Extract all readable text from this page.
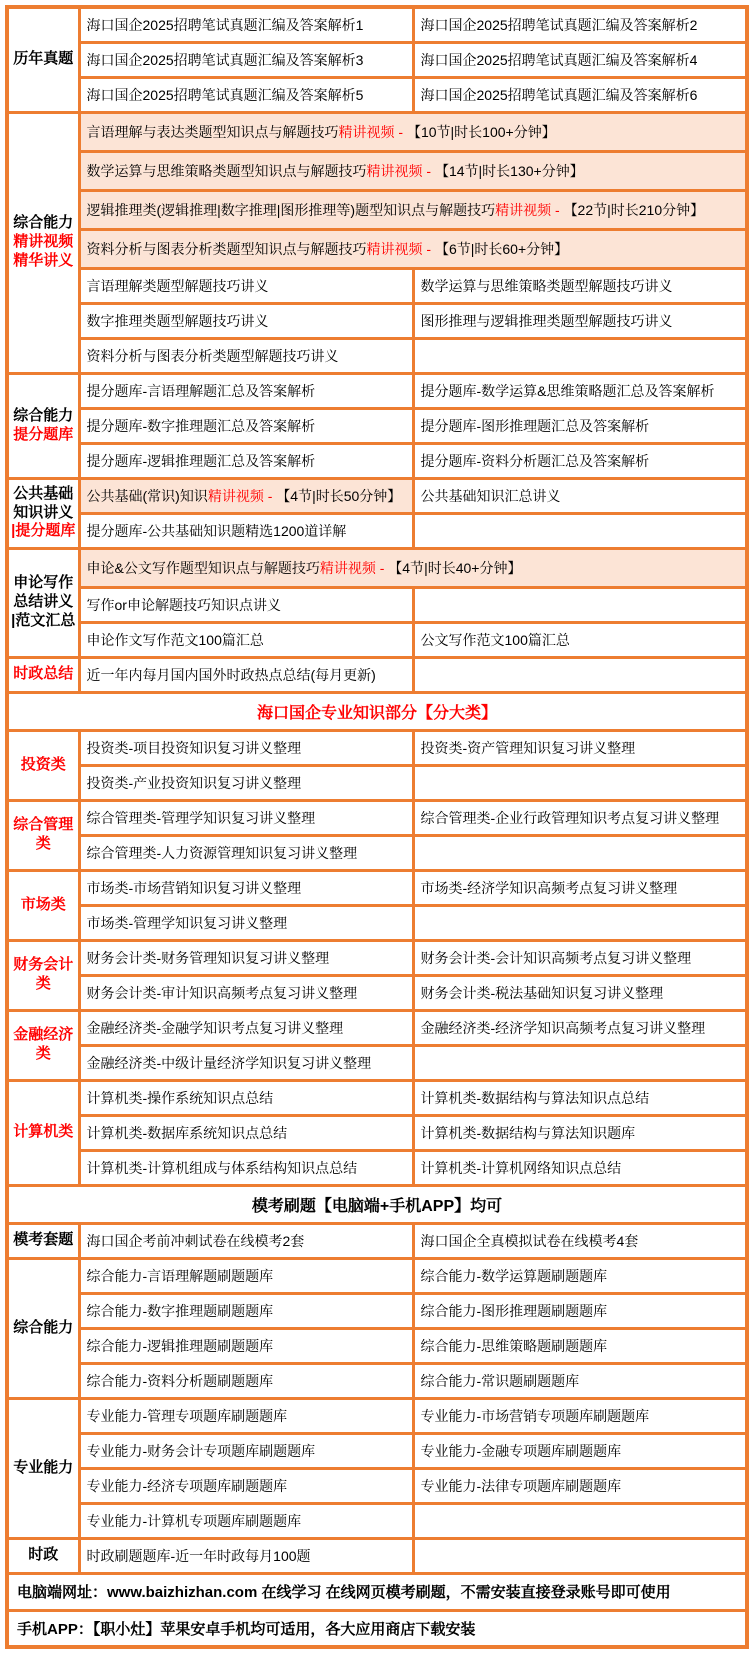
历年真题	海口国企2025招聘笔试真题汇编及答案解析1	海口国企2025招聘笔试真题汇编及答案解析2
	海口国企2025招聘笔试真题汇编及答案解析3	海口国企2025招聘笔试真题汇编及答案解析4
	海口国企2025招聘笔试真题汇编及答案解析5	海口国企2025招聘笔试真题汇编及答案解析6

综合能力
精讲视频
精华讲义	言语理解与表达类题型知识点与解题技巧精讲视频 - 【10节|时长100+分钟】	
	数学运算与思维策略类题型知识点与解题技巧精讲视频 - 【14节|时长130+分钟】	
	逻辑推理类(逻辑推理|数字推理|图形推理等)题型知识点与解题技巧精讲视频 - 【22节|时长210分钟】	
	资料分析与图表分析类题型知识点与解题技巧精讲视频 - 【6节|时长60+分钟】	
	言语理解类题型解题技巧讲义	数学运算与思维策略类题型解题技巧讲义
	数字推理类题型解题技巧讲义	图形推理与逻辑推理类题型解题技巧讲义
	资料分析与图表分析类题型解题技巧讲义	

综合能力
提分题库	提分题库-言语理解题汇总及答案解析	提分题库-数学运算&思维策略题汇总及答案解析
	提分题库-数字推理题汇总及答案解析	提分题库-图形推理题汇总及答案解析
	提分题库-逻辑推理题汇总及答案解析	提分题库-资料分析题汇总及答案解析

公共基础知识讲义
|提分题库	公共基础(常识)知识精讲视频 - 【4节|时长50分钟】	公共基础知识汇总讲义
	提分题库-公共基础知识题精选1200道详解	

申论写作总结讲义
|范文汇总	申论&公文写作题型知识点与解题技巧精讲视频 - 【4节|时长40+分钟】	
	写作or申论解题技巧知识点讲义	
	申论作文写作范文100篇汇总	公文写作范文100篇汇总

时政总结	近一年内每月国内国外时政热点总结(每月更新)	
海口国企专业知识部分【分大类】		

投资类	投资类-项目投资知识复习讲义整理	投资类-资产管理知识复习讲义整理
	投资类-产业投资知识复习讲义整理	

综合管理类	综合管理类-管理学知识复习讲义整理	综合管理类-企业行政管理知识考点复习讲义整理
	综合管理类-人力资源管理知识复习讲义整理	

市场类	市场类-市场营销知识复习讲义整理	市场类-经济学知识高频考点复习讲义整理
	市场类-管理学知识复习讲义整理	

财务会计类	财务会计类-财务管理知识复习讲义整理	财务会计类-会计知识高频考点复习讲义整理
	财务会计类-审计知识高频考点复习讲义整理	财务会计类-税法基础知识复习讲义整理

金融经济类	金融经济类-金融学知识考点复习讲义整理	金融经济类-经济学知识高频考点复习讲义整理
	金融经济类-中级计量经济学知识复习讲义整理	

计算机类	计算机类-操作系统知识点总结	计算机类-数据结构与算法知识点总结
	计算机类-数据库系统知识点总结	计算机类-数据结构与算法知识题库
	计算机类-计算机组成与体系结构知识点总结	计算机类-计算机网络知识点总结
模考刷题【电脑端+手机APP】均可		

模考套题	海口国企考前冲刺试卷在线模考2套	海口国企全真模拟试卷在线模考4套

综合能力	综合能力-言语理解题刷题题库	综合能力-数学运算题刷题题库
	综合能力-数字推理题刷题题库	综合能力-图形推理题刷题题库
	综合能力-逻辑推理题刷题题库	综合能力-思维策略题刷题题库
	综合能力-资料分析题刷题题库	综合能力-常识题刷题题库

专业能力	专业能力-管理专项题库刷题题库	专业能力-市场营销专项题库刷题题库
	专业能力-财务会计专项题库刷题题库	专业能力-金融专项题库刷题题库
	专业能力-经济专项题库刷题题库	专业能力-法律专项题库刷题题库
	专业能力-计算机专项题库刷题题库	

时政	时政刷题题库-近一年时政每月100题	
电脑端网址：www.baizhizhan.com 在线学习 在线网页模考刷题，不需安装直接登录账号即可使用		
手机APP：【职小灶】苹果安卓手机均可适用，各大应用商店下载安装		
